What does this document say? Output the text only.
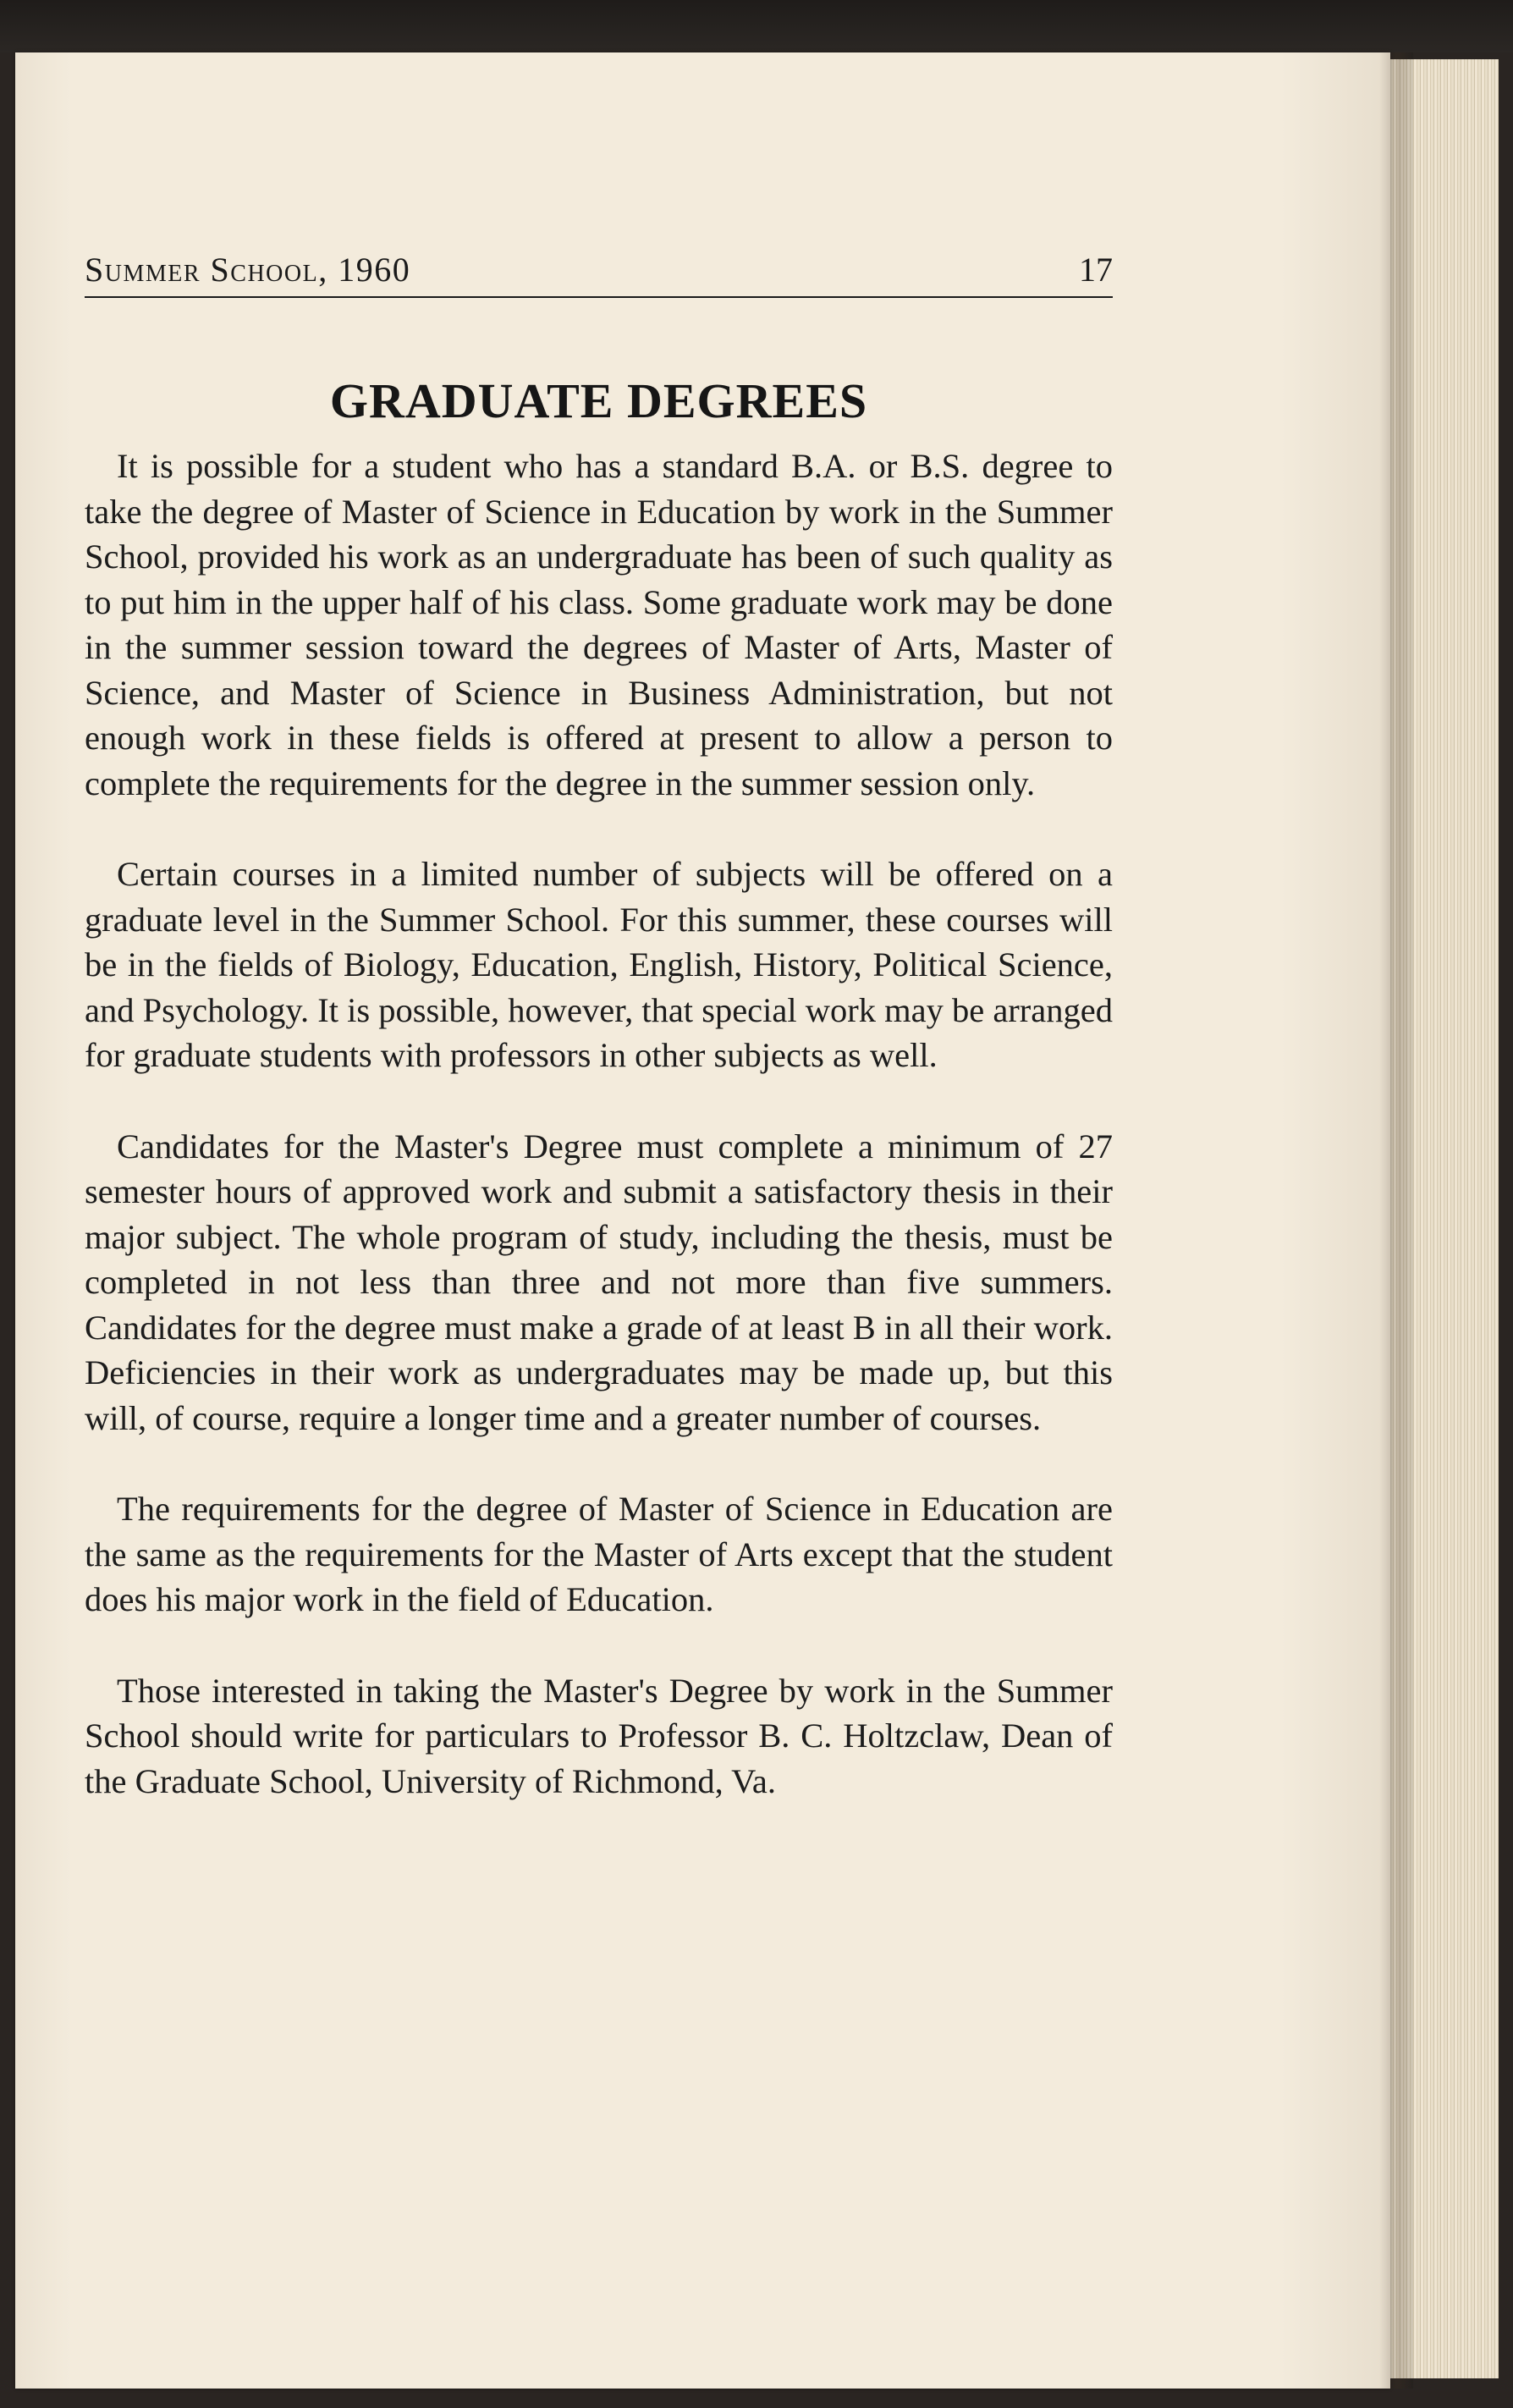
Summer School, 1960	17
GRADUATE DEGREES

It is possible for a student who has a standard B.A. or B.S. degree to take the degree of Master of Science in Education by work in the Summer School, provided his work as an undergraduate has been of such quality as to put him in the upper half of his class. Some graduate work may be done in the summer session toward the degrees of Master of Arts, Master of Science, and Master of Science in Business Administration, but not enough work in these fields is offered at present to allow a person to complete the requirements for the degree in the summer session only.

Certain courses in a limited number of subjects will be offered on a graduate level in the Summer School. For this summer, these courses will be in the fields of Biology, Education, English, History, Political Science, and Psychology. It is possible, however, that special work may be arranged for graduate students with professors in other subjects as well.

Candidates for the Master's Degree must complete a minimum of 27 semester hours of approved work and submit a satisfactory thesis in their major subject. The whole program of study, including the thesis, must be completed in not less than three and not more than five summers. Candidates for the degree must make a grade of at least B in all their work. Deficiencies in their work as undergraduates may be made up, but this will, of course, require a longer time and a greater number of courses.

The requirements for the degree of Master of Science in Education are the same as the requirements for the Master of Arts except that the student does his major work in the field of Education.

Those interested in taking the Master's Degree by work in the Summer School should write for particulars to Professor B. C. Holtzclaw, Dean of the Graduate School, University of Richmond, Va.
